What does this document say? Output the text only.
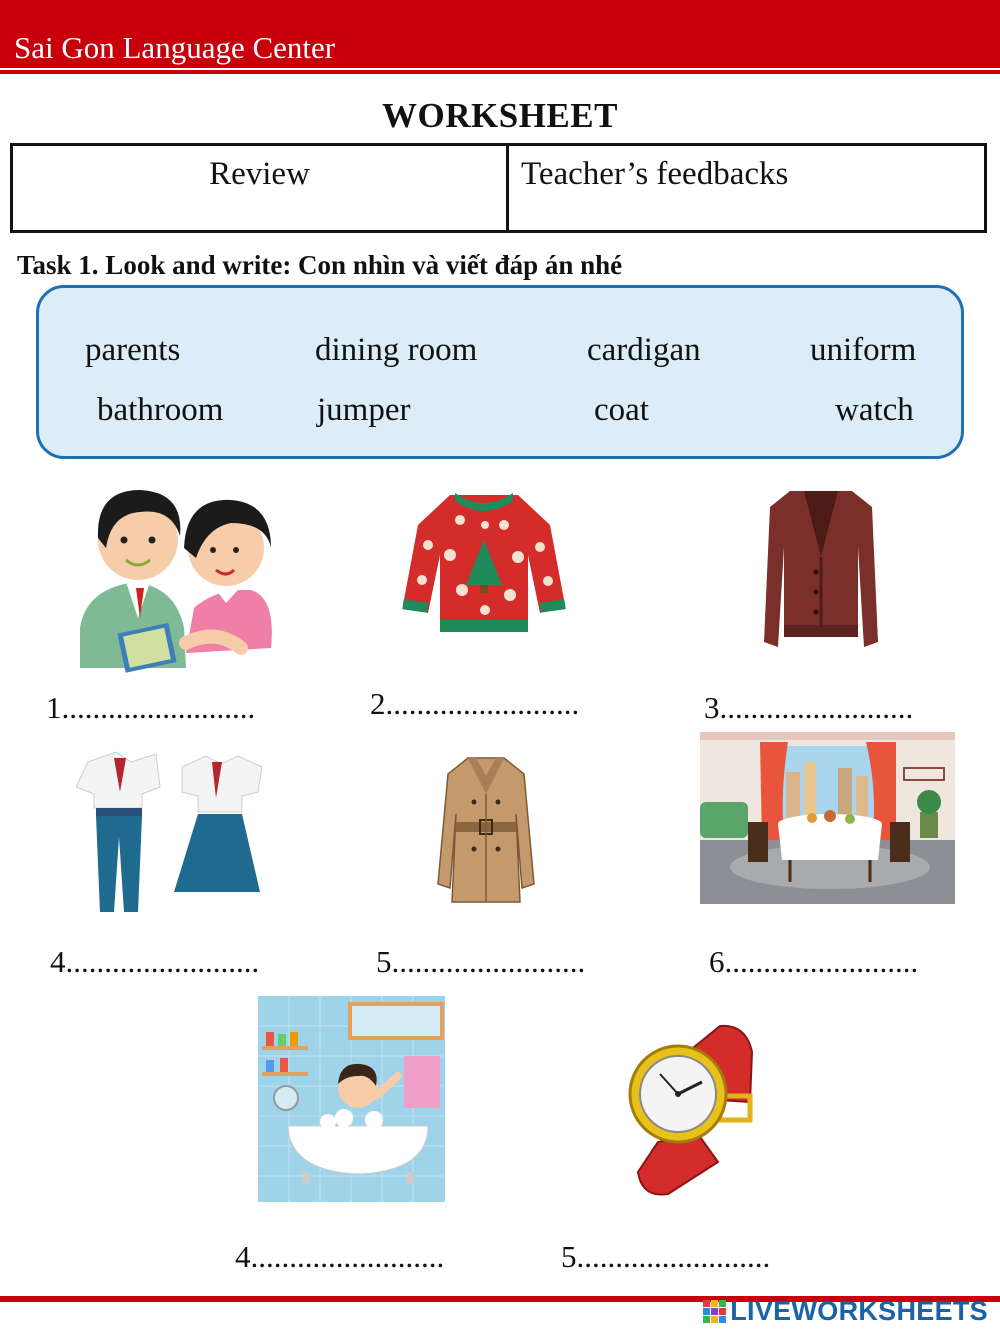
Sai Gon Language Center
WORKSHEET
Review	Teacher’s feedbacks
Task 1. Look and write: Con nhìn và viết đáp án nhé
parents	dining room	cardigan	uniform
bathroom	jumper	coat	watch
1.........................	2.........................	3.........................
4.........................	5.........................	6.........................
4.........................	5.........................
LIVEWORKSHEETS
